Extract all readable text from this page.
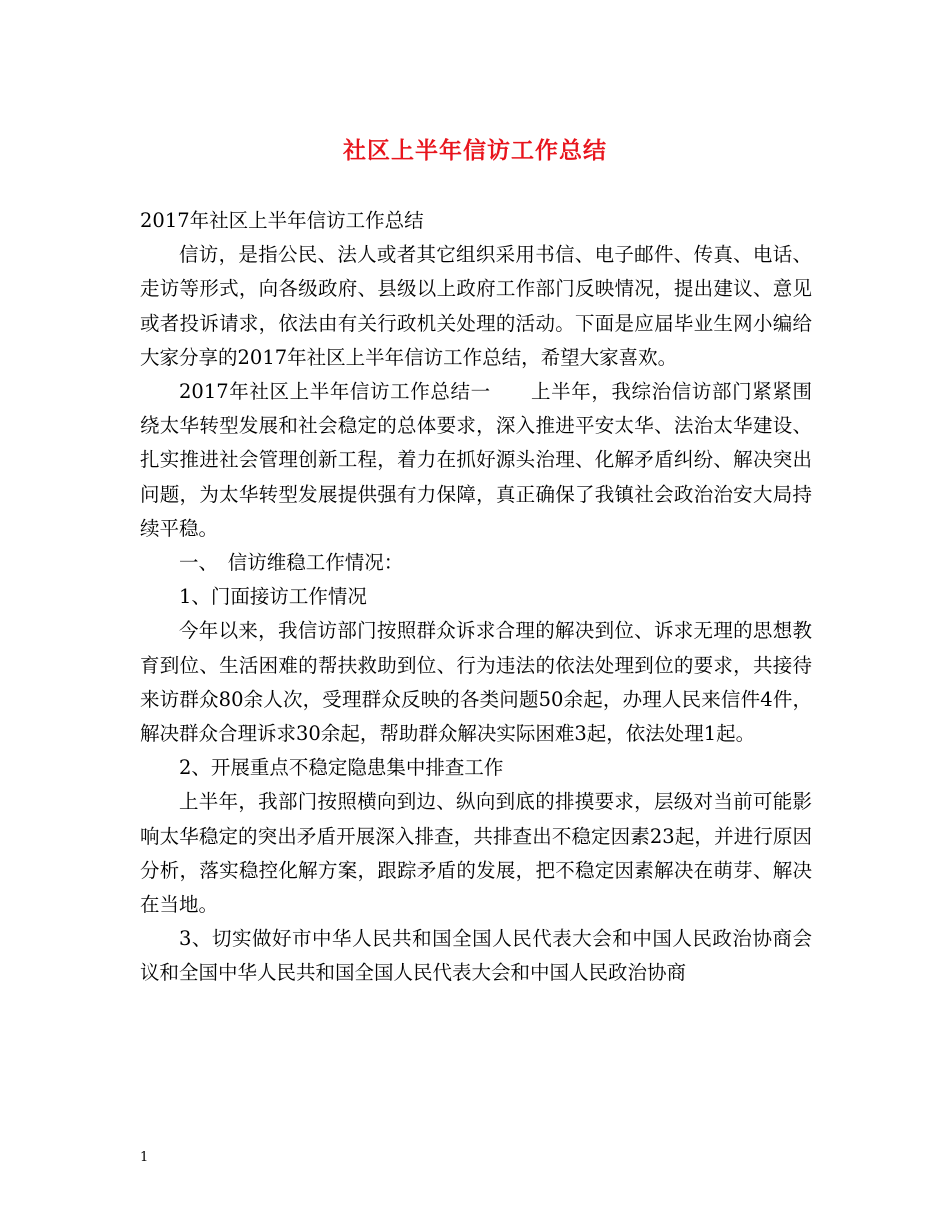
社区上半年信访工作总结

2017年社区上半年信访工作总结

信访，是指公民、法人或者其它组织采用书信、电子邮件、传真、电话、走访等形式，向各级政府、县级以上政府工作部门反映情况，提出建议、意见或者投诉请求，依法由有关行政机关处理的活动。下面是应届毕业生网小编给大家分享的2017年社区上半年信访工作总结，希望大家喜欢。

2017年社区上半年信访工作总结一　　上半年，我综治信访部门紧紧围绕太华转型发展和社会稳定的总体要求，深入推进平安太华、法治太华建设、扎实推进社会管理创新工程，着力在抓好源头治理、化解矛盾纠纷、解决突出问题，为太华转型发展提供强有力保障，真正确保了我镇社会政治治安大局持续平稳。

一、　信访维稳工作情况：

1、门面接访工作情况

今年以来，我信访部门按照群众诉求合理的解决到位、诉求无理的思想教育到位、生活困难的帮扶救助到位、行为违法的依法处理到位的要求，共接待来访群众80余人次，受理群众反映的各类问题50余起，办理人民来信件4件，解决群众合理诉求30余起，帮助群众解决实际困难3起，依法处理1起。

2、开展重点不稳定隐患集中排查工作

上半年，我部门按照横向到边、纵向到底的排摸要求，层级对当前可能影响太华稳定的突出矛盾开展深入排查，共排查出不稳定因素23起，并进行原因分析，落实稳控化解方案，跟踪矛盾的发展，把不稳定因素解决在萌芽、解决在当地。

3、切实做好市中华人民共和国全国人民代表大会和中国人民政治协商会议和全国中华人民共和国全国人民代表大会和中国人民政治协商

1
